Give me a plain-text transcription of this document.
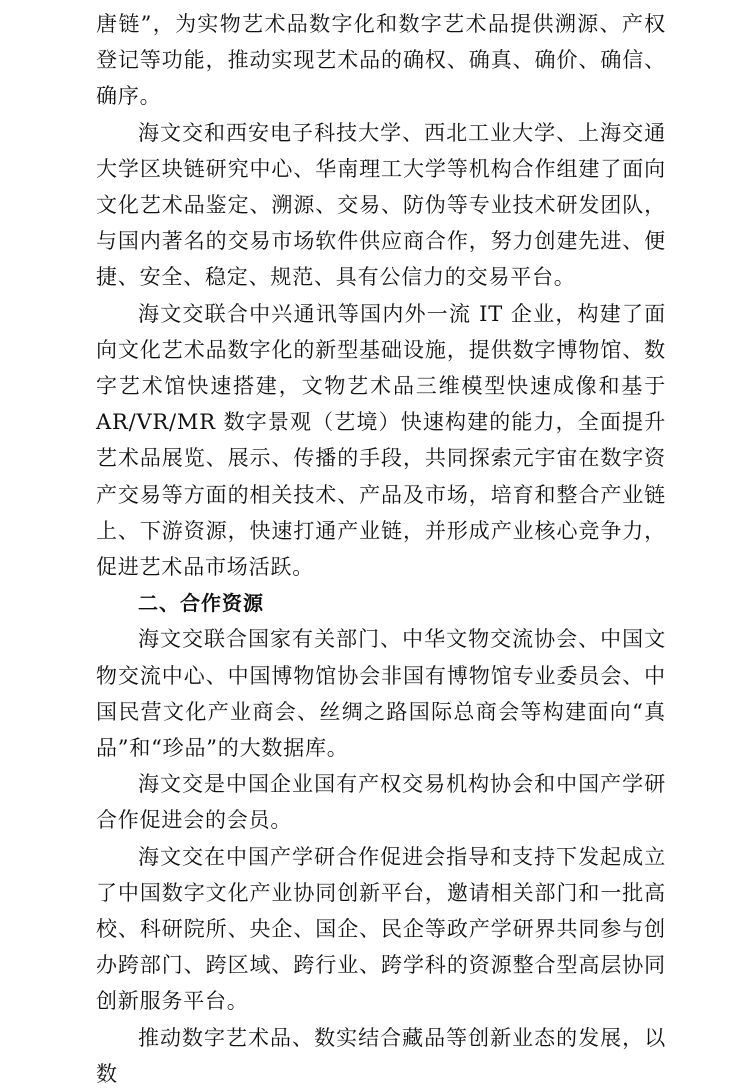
唐链”，为实物艺术品数字化和数字艺术品提供溯源、产权登记等功能，推动实现艺术品的确权、确真、确价、确信、确序。

海文交和西安电子科技大学、西北工业大学、上海交通大学区块链研究中心、华南理工大学等机构合作组建了面向文化艺术品鉴定、溯源、交易、防伪等专业技术研发团队，与国内著名的交易市场软件供应商合作，努力创建先进、便捷、安全、稳定、规范、具有公信力的交易平台。

海文交联合中兴通讯等国内外一流 IT 企业，构建了面向文化艺术品数字化的新型基础设施，提供数字博物馆、数字艺术馆快速搭建，文物艺术品三维模型快速成像和基于 AR/VR/MR 数字景观（艺境）快速构建的能力，全面提升艺术品展览、展示、传播的手段，共同探索元宇宙在数字资产交易等方面的相关技术、产品及市场，培育和整合产业链上、下游资源，快速打通产业链，并形成产业核心竞争力，促进艺术品市场活跃。

二、合作资源

海文交联合国家有关部门、中华文物交流协会、中国文物交流中心、中国博物馆协会非国有博物馆专业委员会、中国民营文化产业商会、丝绸之路国际总商会等构建面向“真品”和“珍品”的大数据库。

海文交是中国企业国有产权交易机构协会和中国产学研合作促进会的会员。

海文交在中国产学研合作促进会指导和支持下发起成立了中国数字文化产业协同创新平台，邀请相关部门和一批高校、科研院所、央企、国企、民企等政产学研界共同参与创办跨部门、跨区域、跨行业、跨学科的资源整合型高层协同创新服务平台。

推动数字艺术品、数实结合藏品等创新业态的发展，以数
